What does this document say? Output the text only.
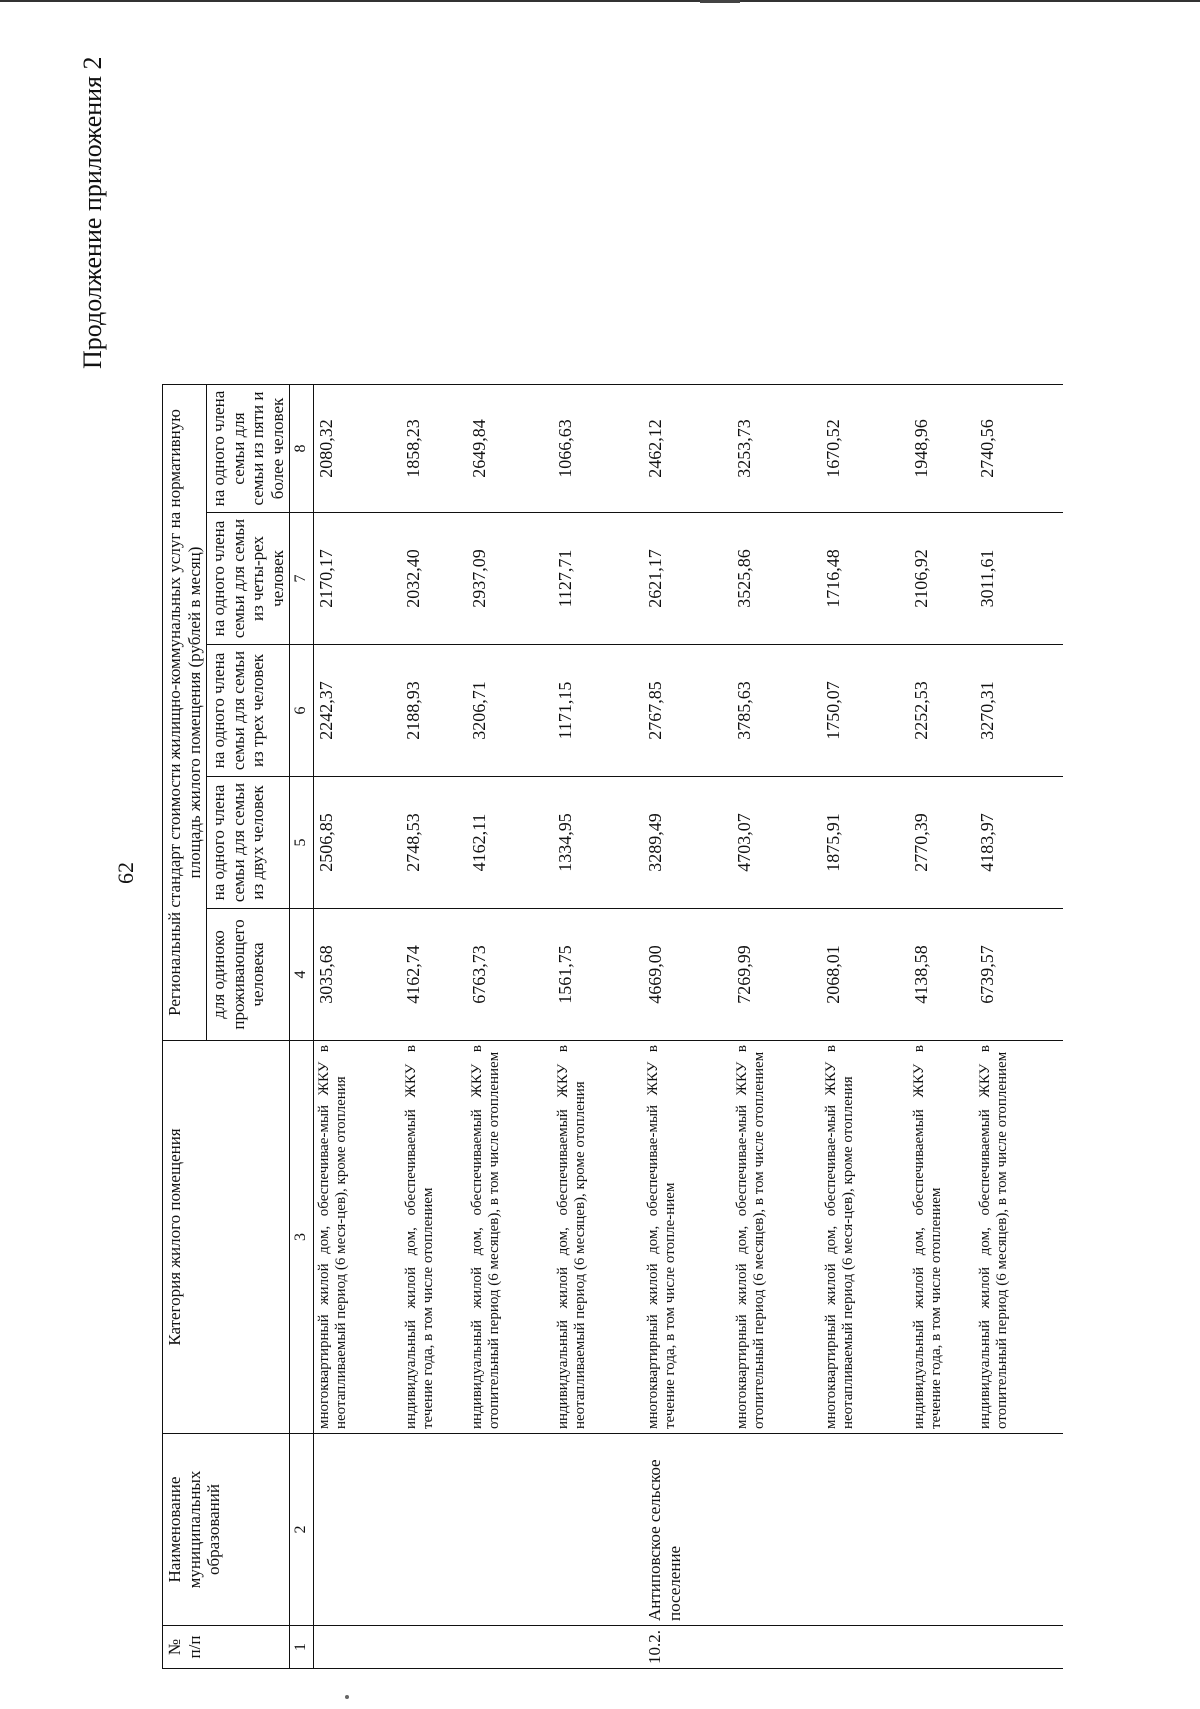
62
Продолжение приложения 2
№ п/п	Наименование муниципальных образований	Категория жилого помещения	Региональный стандарт стоимости жилищно-коммунальных услуг на нормативную площадь жилого помещения (рублей в месяц)				
			для одиноко проживающего человека	на одного члена семьи для семьи из двух человек	на одного члена семьи для семьи из трех человек	на одного члена семьи для семьи из четы-рех человек	на одного члена семьи для семьи из пяти и более человек
1	2	3	4	5	6	7	8
		многоквартирный жилой дом, обеспечивае-мый ЖКУ в неотапливаемый период (6 меся-цев), кроме отопления	3035,68	2506,85	2242,37	2170,17	2080,32
		индивидуальный жилой дом, обеспечиваемый ЖКУ в течение года, в том числе отоплением	4162,74	2748,53	2188,93	2032,40	1858,23
		индивидуальный жилой дом, обеспечиваемый ЖКУ в отопительный период (6 месяцев), в том числе отоплением	6763,73	4162,11	3206,71	2937,09	2649,84
		индивидуальный жилой дом, обеспечиваемый ЖКУ в неотапливаемый период (6 месяцев), кроме отопления	1561,75	1334,95	1171,15	1127,71	1066,63
10.2.	Антиповское сельское поселение	многоквартирный жилой дом, обеспечивае-мый ЖКУ в течение года, в том числе отопле-нием	4669,00	3289,49	2767,85	2621,17	2462,12
		многоквартирный жилой дом, обеспечивае-мый ЖКУ в отопительный период (6 месяцев), в том числе отоплением	7269,99	4703,07	3785,63	3525,86	3253,73
		многоквартирный жилой дом, обеспечивае-мый ЖКУ в неотапливаемый период (6 меся-цев), кроме отопления	2068,01	1875,91	1750,07	1716,48	1670,52
		индивидуальный жилой дом, обеспечиваемый ЖКУ в течение года, в том числе отоплением	4138,58	2770,39	2252,53	2106,92	1948,96
		индивидуальный жилой дом, обеспечиваемый ЖКУ в отопительный период (6 месяцев), в том числе отоплением	6739,57	4183,97	3270,31	3011,61	2740,56
